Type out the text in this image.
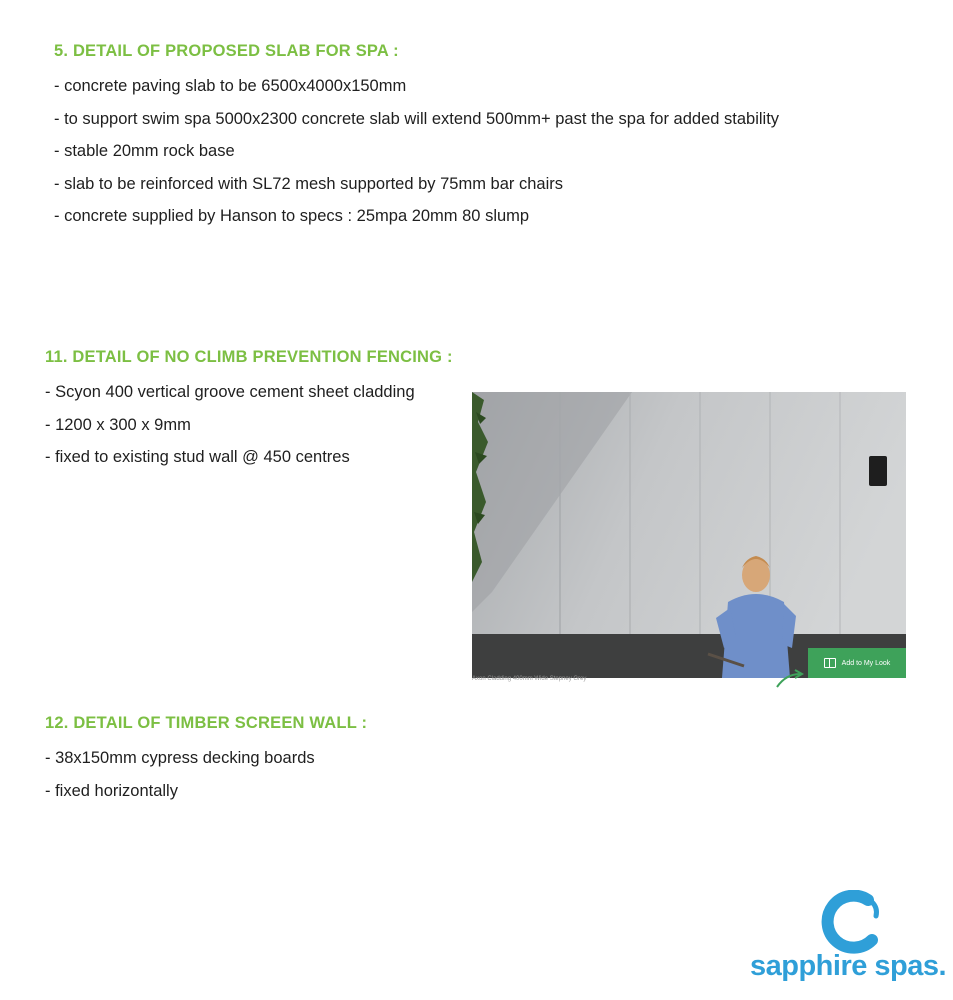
5. DETAIL OF PROPOSED SLAB FOR SPA :
- concrete paving slab to be 6500x4000x150mm
- to support swim spa 5000x2300 concrete slab will extend 500mm+ past the spa for added stability
- stable 20mm rock base
- slab to be reinforced with SL72 mesh supported by 75mm bar chairs
- concrete supplied by Hanson to specs : 25mpa 20mm 80 slump
11. DETAIL OF NO CLIMB PREVENTION FENCING :
- Scyon 400 vertical groove cement sheet cladding
- 1200 x 300 x 9mm
- fixed to existing stud wall @ 450 centres
Add to My Look
Axon Cladding 400mm Wide Stepney Grey
12. DETAIL OF TIMBER SCREEN WALL :
- 38x150mm cypress decking boards
- fixed horizontally
sapphire spas.
